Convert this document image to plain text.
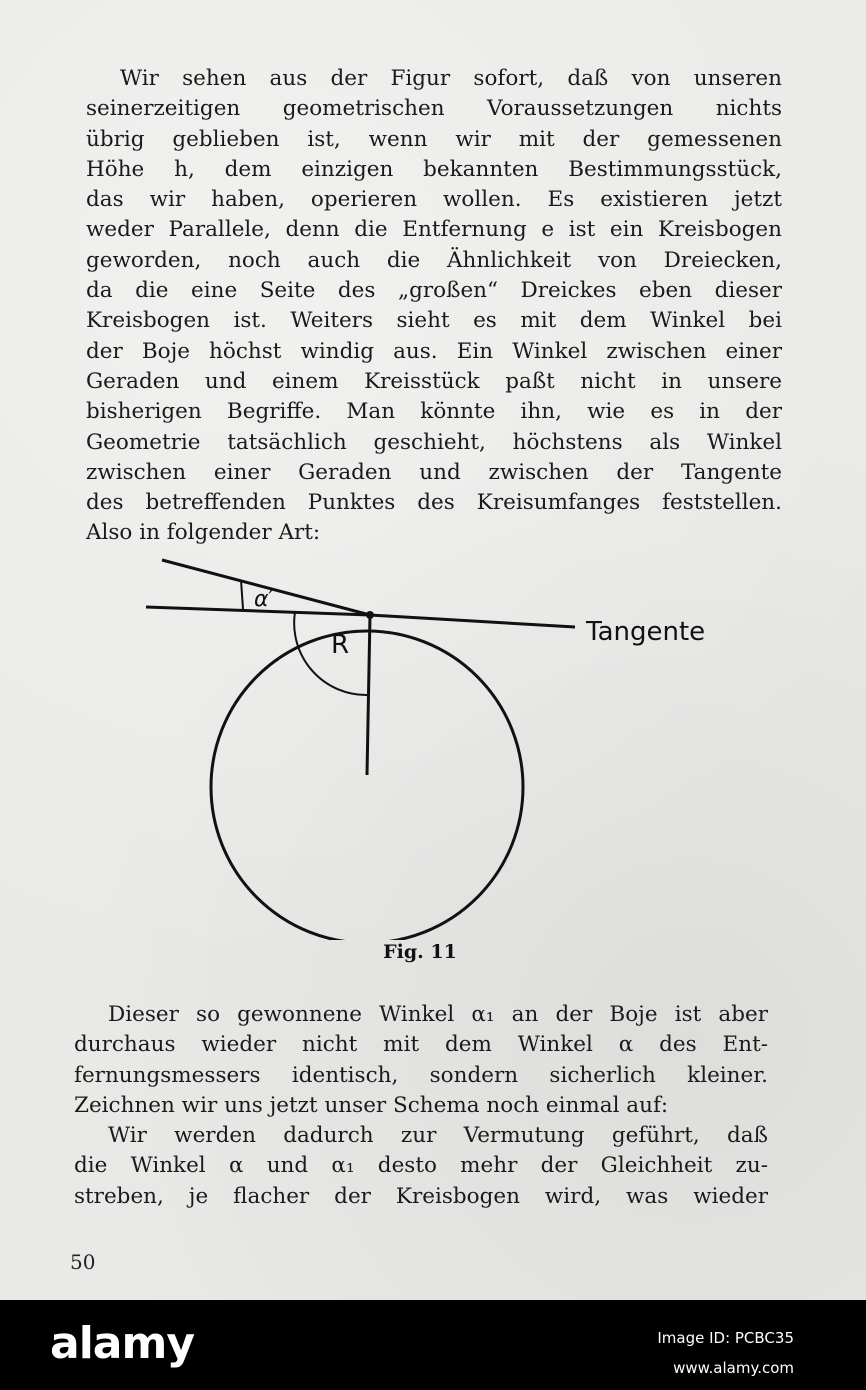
Wir sehen aus der Figur sofort, daß von unseren
seinerzeitigen geometrischen Voraussetzungen nichts
übrig geblieben ist, wenn wir mit der gemessenen
Höhe h, dem einzigen bekannten Bestimmungsstück,
das wir haben, operieren wollen. Es existieren jetzt
weder Parallele, denn die Entfernung e ist ein Kreisbogen
geworden, noch auch die Ähnlichkeit von Dreiecken,
da die eine Seite des „großen“ Dreickes eben dieser
Kreisbogen ist. Weiters sieht es mit dem Winkel bei
der Boje höchst windig aus. Ein Winkel zwischen einer
Geraden und einem Kreisstück paßt nicht in unsere
bisherigen Begriffe. Man könnte ihn, wie es in der
Geometrie tatsächlich geschieht, höchstens als Winkel
zwischen einer Geraden und zwischen der Tangente
des betreffenden Punktes des Kreisumfanges feststellen.
Also in folgender Art:
α′
R	Tangente
Fig. 11
Dieser so gewonnene Winkel α₁ an der Boje ist aber
durchaus wieder nicht mit dem Winkel α des Ent-
fernungsmessers identisch, sondern sicherlich kleiner.
Zeichnen wir uns jetzt unser Schema noch einmal auf:
Wir werden dadurch zur Vermutung geführt, daß
die Winkel α und α₁ desto mehr der Gleichheit zu-
streben, je flacher der Kreisbogen wird, was wieder
50
alamy	Image ID: PCBC35
www.alamy.com
